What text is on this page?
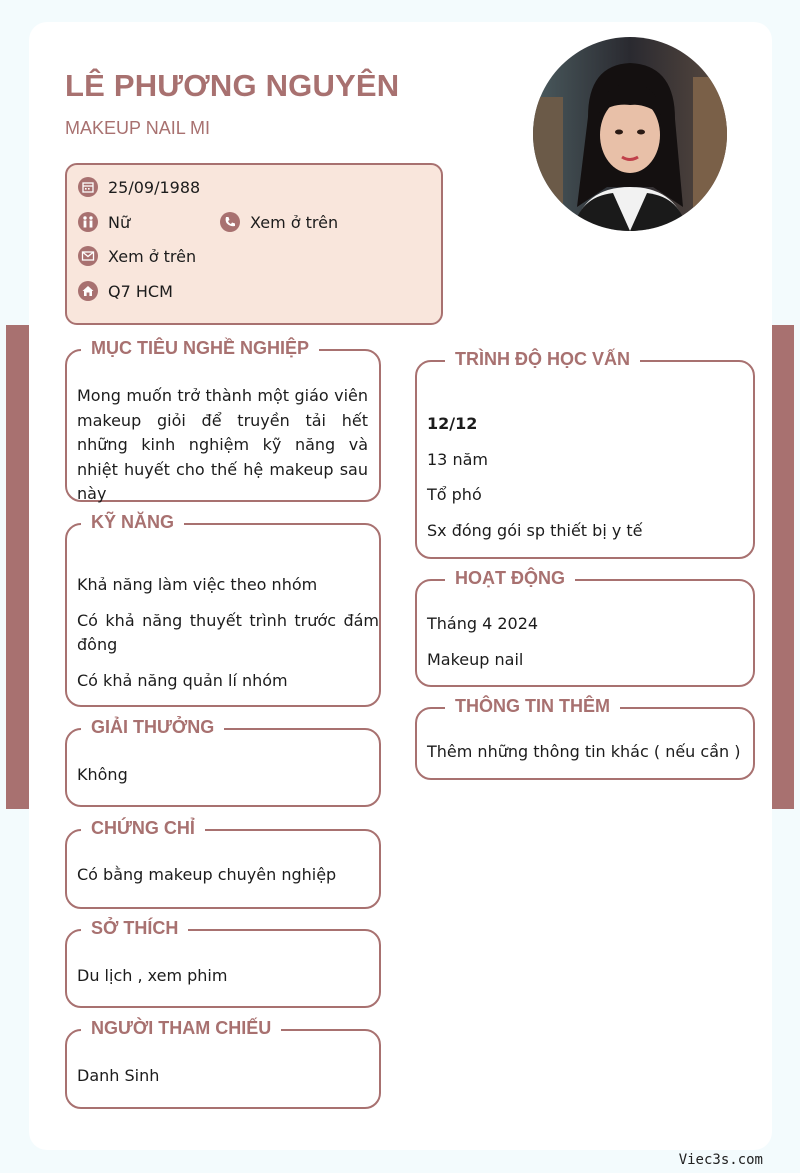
LÊ PHƯƠNG NGUYÊN
MAKEUP NAIL MI
25/09/1988
Nữ	Xem ở trên
Xem ở trên
Q7 HCM
MỤC TIÊU NGHỀ NGHIỆP
Mong muốn trở thành một giáo viên makeup giỏi để truyền tải hết những kinh nghiệm kỹ năng và nhiệt huyết cho thế hệ makeup sau này
KỸ NĂNG
Khả năng làm việc theo nhóm
Có khả năng thuyết trình trước đám đông
Có khả năng quản lí nhóm
GIẢI THƯỞNG
Không
CHỨNG CHỈ
Có bằng makeup chuyên nghiệp
SỞ THÍCH
Du lịch , xem phim
NGƯỜI THAM CHIẾU
Danh Sinh
TRÌNH ĐỘ HỌC VẤN
12/12
13 năm
Tổ phó
Sx đóng gói sp thiết bị y tế
HOẠT ĐỘNG
Tháng 4 2024
Makeup nail
THÔNG TIN THÊM
Thêm những thông tin khác ( nếu cần )
Viec3s.com
